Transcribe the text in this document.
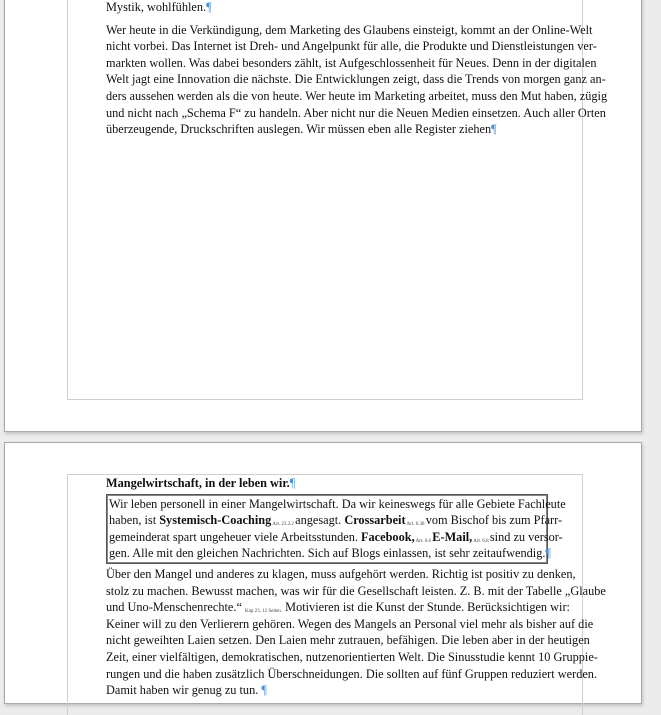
Mystik, wohlfühlen.¶
Wer heute in die Verkündigung, dem Marketing des Glaubens einsteigt, kommt an der Online-Welt
nicht vorbei. Das Internet ist Dreh- und Angelpunkt für alle, die Produkte und Dienstleistungen ver-
markten wollen. Was dabei besonders zählt, ist Aufgeschlossenheit für Neues. Denn in der digitalen
Welt jagt eine Innovation die nächste. Die Entwicklungen zeigt, dass die Trends von morgen ganz an-
ders aussehen werden als die von heute. Wer heute im Marketing arbeitet, muss den Mut haben, zügig
und nicht nach „Schema F“ zu handeln. Aber nicht nur die Neuen Medien einsetzen. Auch aller Orten
überzeugende, Druckschriften auslegen. Wir müssen eben alle Register ziehen¶
Mangelwirtschaft, in der leben wir.¶
Wir leben personell in einer Mangelwirtschaft. Da wir keineswegs für alle Gebiete Fachleute
haben, ist Systemisch-Coaching Art. 23.2.2 angesagt. Crossarbeit Art. 6.38 vom Bischof bis zum Pfarr-
gemeinderat spart ungeheuer viele Arbeitsstunden. Facebook, Art. 6.6 E-Mail, Art. 6.8 sind zu versor-
gen. Alle mit den gleichen Nachrichten. Sich auf Blogs einlassen, ist sehr zeitaufwendig.¶
Über den Mangel und anderes zu klagen, muss aufgehört werden. Richtig ist positiv zu denken,
stolz zu machen. Bewusst machen, was wir für die Gesellschaft leisten. Z. B. mit der Tabelle „Glaube
und Uno-Menschenrechte.“ Kap 23, 12 Seiten. Motivieren ist die Kunst der Stunde. Berücksichtigen wir:
Keiner will zu den Verlierern gehören. Wegen des Mangels an Personal viel mehr als bisher auf die
nicht geweihten Laien setzen. Den Laien mehr zutrauen, befähigen. Die leben aber in der heutigen
Zeit, einer vielfältigen, demokratischen, nutzenorientierten Welt. Die Sinusstudie kennt 10 Gruppie-
rungen und die haben zusätzlich Überschneidungen. Die sollten auf fünf Gruppen reduziert werden.
Damit haben wir genug zu tun. ¶
